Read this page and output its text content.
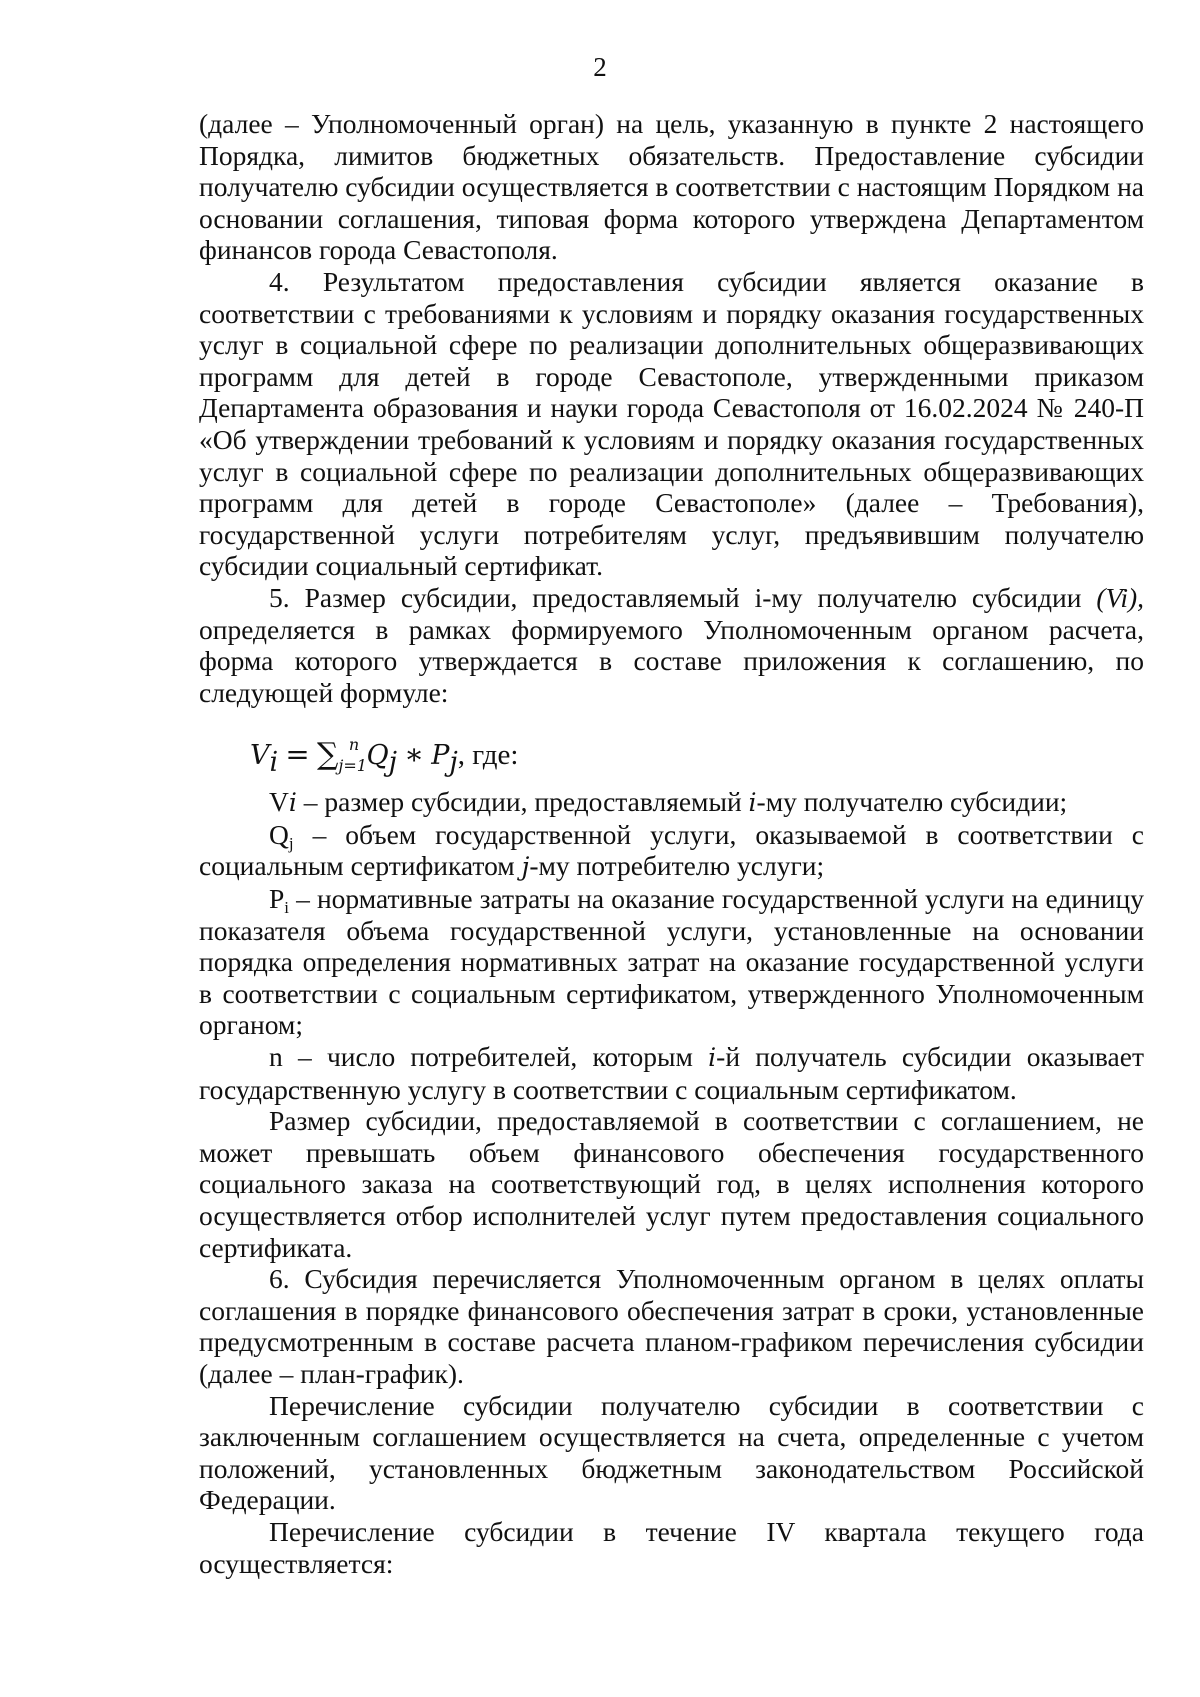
2

(далее – Уполномоченный орган) на цель, указанную в пункте 2 настоящего Порядка, лимитов бюджетных обязательств. Предоставление субсидии получателю субсидии осуществляется в соответствии с настоящим Порядком на основании соглашения, типовая форма которого утверждена Департаментом финансов города Севастополя.

4. Результатом предоставления субсидии является оказание в соответствии с требованиями к условиям и порядку оказания государственных услуг в социальной сфере по реализации дополнительных общеразвивающих программ для детей в городе Севастополе, утвержденными приказом Департамента образования и науки города Севастополя от 16.02.2024 № 240-П «Об утверждении требований к условиям и порядку оказания государственных услуг в социальной сфере по реализации дополнительных общеразвивающих программ для детей в городе Севастополе» (далее – Требования), государственной услуги потребителям услуг, предъявившим получателю субсидии социальный сертификат.

5. Размер субсидии, предоставляемый i-му получателю субсидии (Vi), определяется в рамках формируемого Уполномоченным органом расчета, форма которого утверждается в составе приложения к соглашению, по следующей формуле:

$V_i = \sum j=1n$ $Q_j$ ∗ $P_j$, где:

Vi – размер субсидии, предоставляемый i-му получателю субсидии;

Qj – объем государственной услуги, оказываемой в соответствии с социальным сертификатом j-му потребителю услуги;

Pi – нормативные затраты на оказание государственной услуги на единицу показателя объема государственной услуги, установленные на основании порядка определения нормативных затрат на оказание государственной услуги в соответствии с социальным сертификатом, утвержденного Уполномоченным органом;

n – число потребителей, которым i-й получатель субсидии оказывает государственную услугу в соответствии с социальным сертификатом.

Размер субсидии, предоставляемой в соответствии с соглашением, не может превышать объем финансового обеспечения государственного социального заказа на соответствующий год, в целях исполнения которого осуществляется отбор исполнителей услуг путем предоставления социального сертификата.

6. Субсидия перечисляется Уполномоченным органом в целях оплаты соглашения в порядке финансового обеспечения затрат в сроки, установленные предусмотренным в составе расчета планом-графиком перечисления субсидии (далее – план-график).

Перечисление субсидии получателю субсидии в соответствии с заключенным соглашением осуществляется на счета, определенные с учетом положений, установленных бюджетным законодательством Российской Федерации.

Перечисление субсидии в течение IV квартала текущего года осуществляется:
